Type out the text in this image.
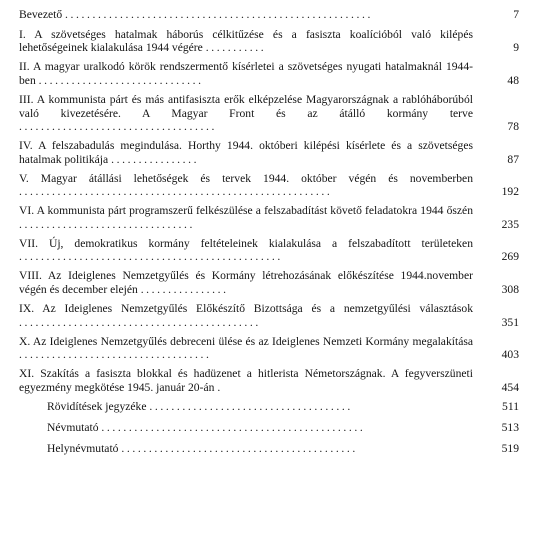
Bevezető ........................................................	7
I. A szövetséges hatalmak háborús célkitűzése és a fasiszta koalícióból való kilépés lehetőségeinek kialakulása 1944 végére ...........	9
II. A magyar uralkodó körök rendszermentő kísérletei a szövetséges nyugati hatalmaknál 1944-ben ..............................	48
III. A kommunista párt és más antifasiszta erők elképzelése Magyarországnak a rablóháborúból való kivezetésére. A Magyar Front és az átálló kormány terve ....................................	78
IV. A felszabadulás megindulása. Horthy 1944. októberi kilépési kísérlete és a szövetséges hatalmak politikája ................	87
V. Magyar átállási lehetőségek és tervek 1944. október végén és novemberben .........................................................	192
VI. A kommunista párt programszerű felkészülése a felszabadítást követő feladatokra 1944 őszén ................................	235
VII. Új, demokratikus kormány feltételeinek kialakulása a felszabadított területeken ................................................	269
VIII. Az Ideiglenes Nemzetgyűlés és Kormány létrehozásának előkészítése 1944.november végén és december elején ................	308
IX. Az Ideiglenes Nemzetgyűlés Előkészítő Bizottsága és a nemzetgyűlési választások ............................................	351
X. Az Ideiglenes Nemzetgyűlés debreceni ülése és az Ideiglenes Nemzeti Kormány megalakítása ...................................	403
XI. Szakítás a fasiszta blokkal és hadüzenet a hitlerista Németországnak. A fegyverszüneti egyezmény megkötése 1945. január 20-án .	454
Rövidítések jegyzéke .....................................	511
Névmutató ................................................	513
Helynévmutató ...........................................	519
